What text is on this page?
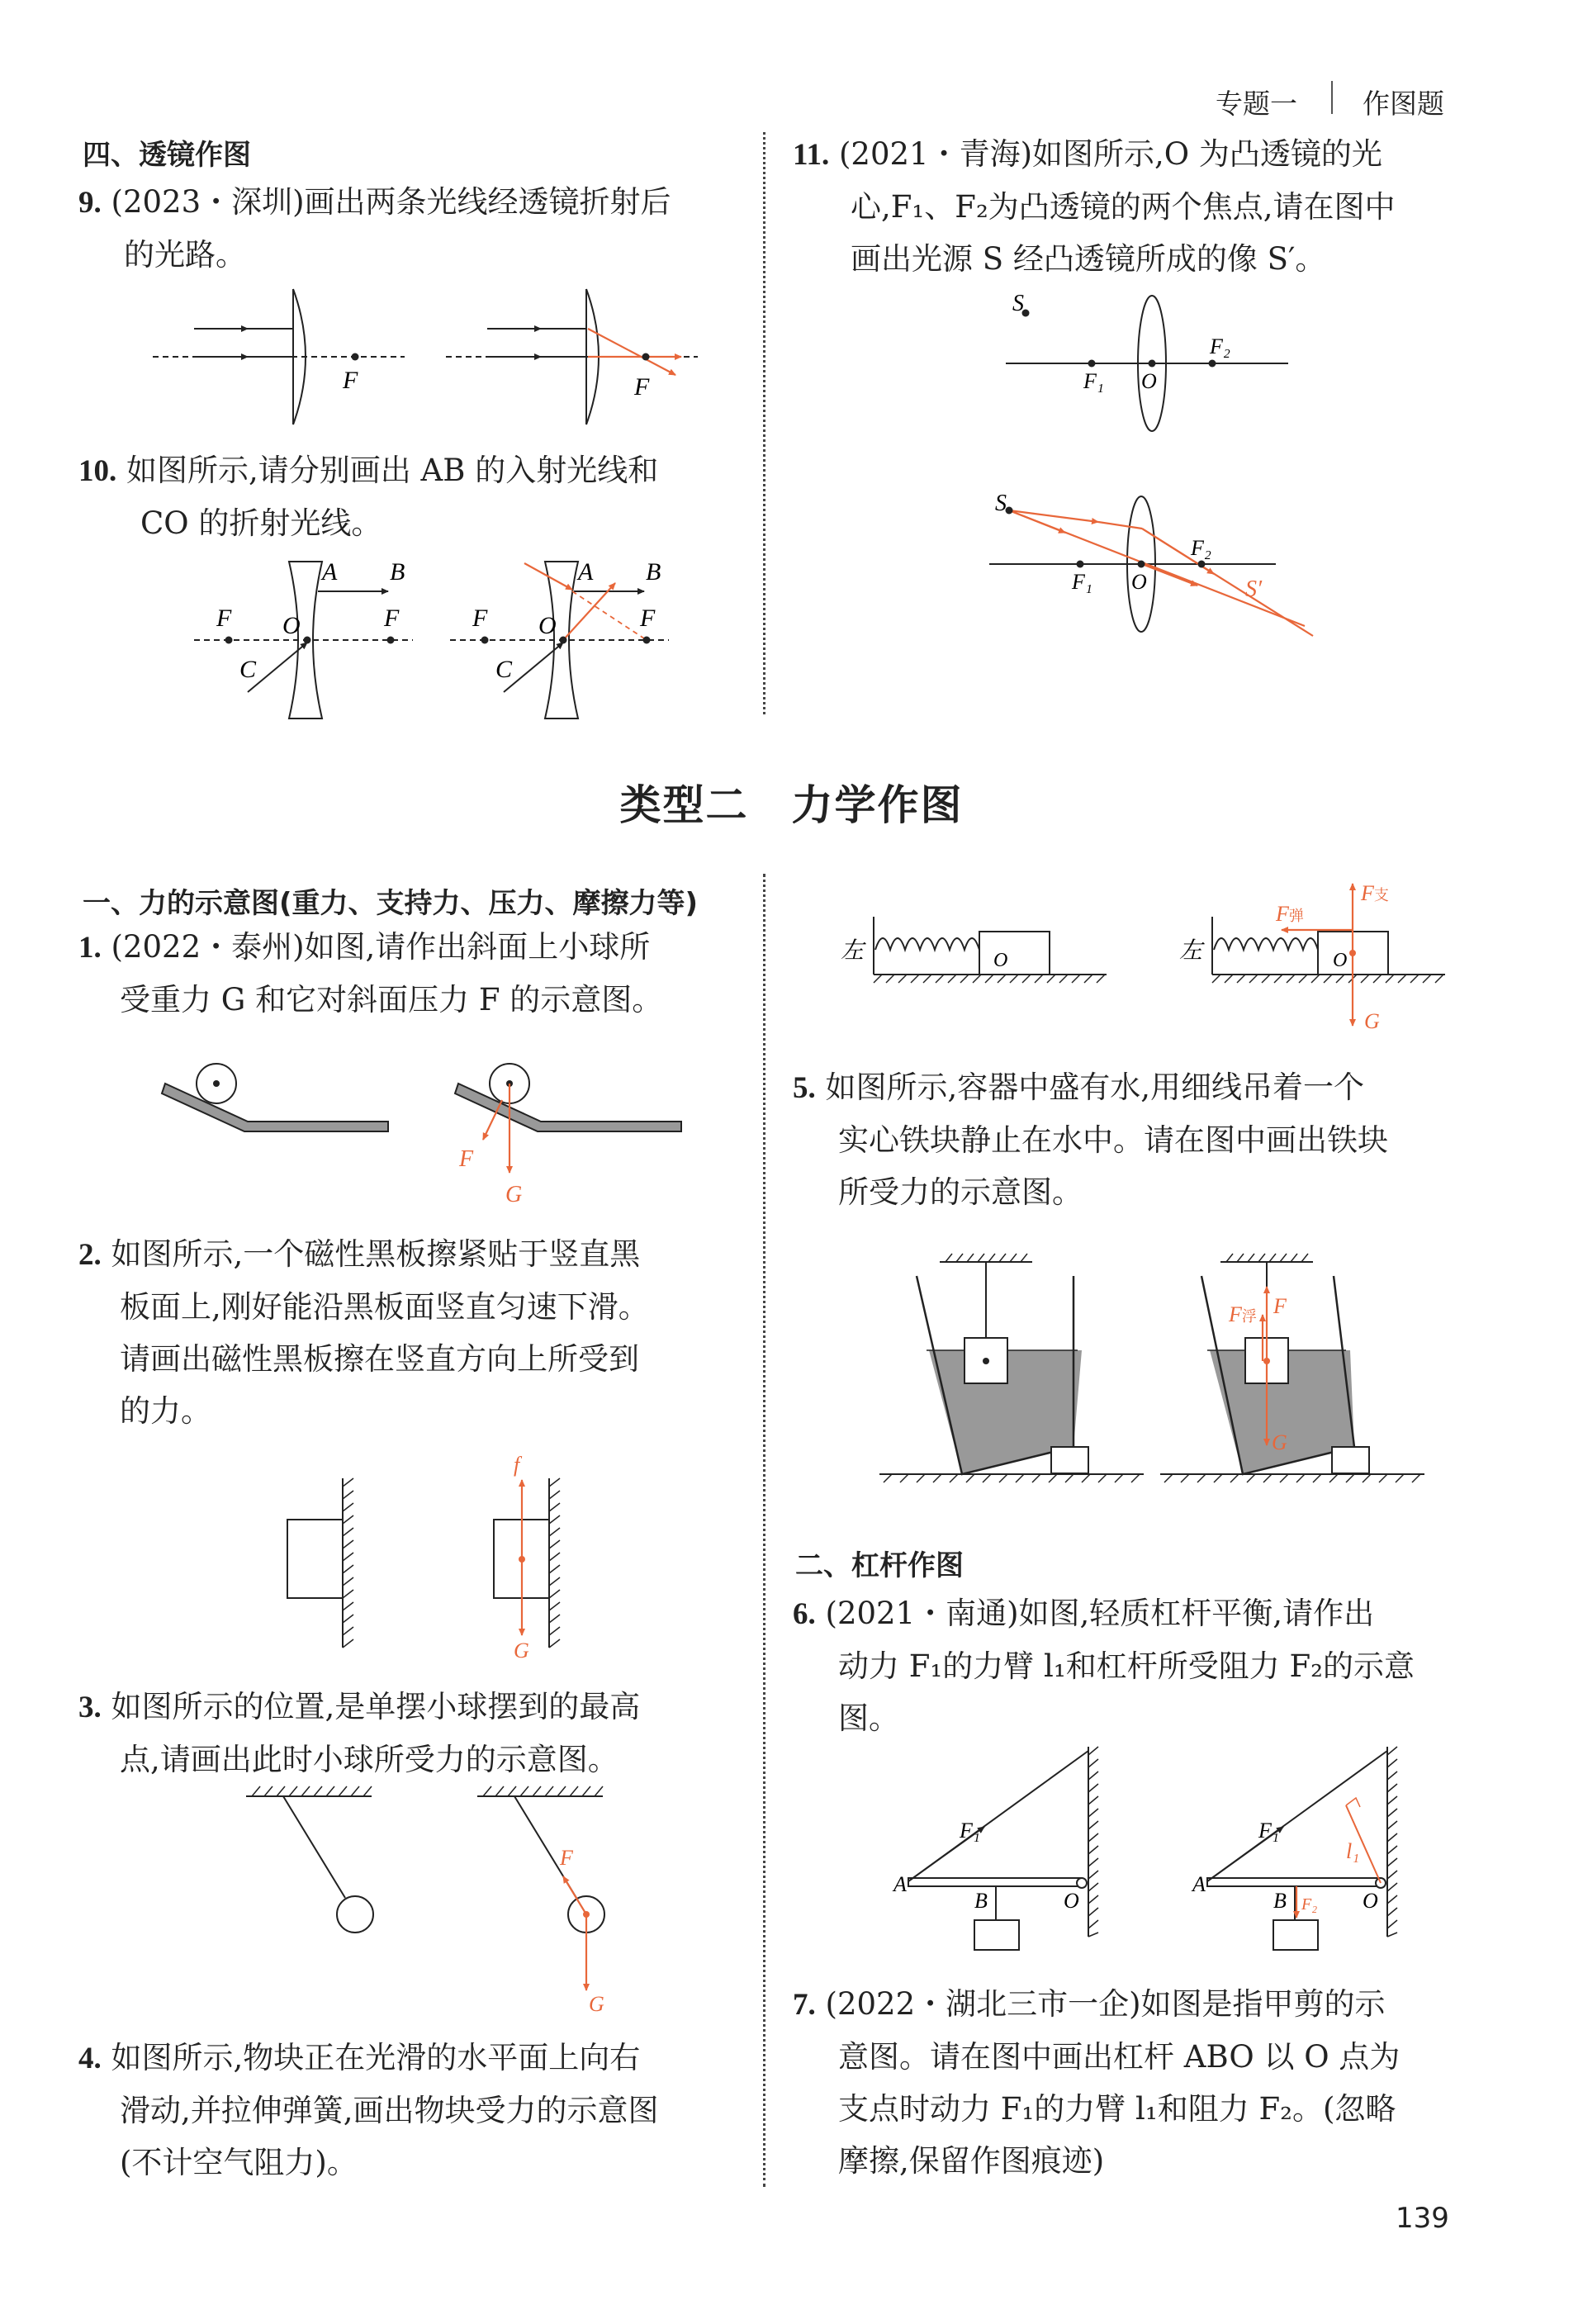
专题一 作图题
四、透镜作图
9. (2023・深圳)画出两条光线经透镜折射后
的光路。
F	F
10. 如图所示,请分别画出 AB 的入射光线和
CO 的折射光线。
F O	F
A B
C
F O	F
A B
C
11. (2021・青海)如图所示,O 为凸透镜的光
心,F₁、F₂为凸透镜的两个焦点,请在图中
画出光源 S 经凸透镜所成的像 S′。
S
F₁ O
F₂
S
F₁ O
F₂
S′
类型二　力学作图
一、力的示意图(重力、支持力、压力、摩擦力等)
1. (2022・泰州)如图,请作出斜面上小球所
受重力 G 和它对斜面压力 F 的示意图。
F
G
2. 如图所示,一个磁性黑板擦紧贴于竖直黑
板面上,刚好能沿黑板面竖直匀速下滑。
请画出磁性黑板擦在竖直方向上所受到
的力。
f
G
3. 如图所示的位置,是单摆小球摆到的最高
点,请画出此时小球所受力的示意图。
F
G
4. 如图所示,物块正在光滑的水平面上向右
滑动,并拉伸弹簧,画出物块受力的示意图
(不计空气阻力)。
O
左	O
左
F弹
F支
G
5. 如图所示,容器中盛有水,用细线吊着一个
实心铁块静止在水中。请在图中画出铁块
所受力的示意图。
F浮 F
G
二、杠杆作图
6. (2021・南通)如图,轻质杠杆平衡,请作出
动力 F₁的力臂 l₁和杠杆所受阻力 F₂的示意
图。
A
B	O
F₁
A
B	O
F₁
l₁
F₂
7. (2022・湖北三市一企)如图是指甲剪的示
意图。请在图中画出杠杆 ABO 以 O 点为
支点时动力 F₁的力臂 l₁和阻力 F₂。(忽略
摩擦,保留作图痕迹)
139
